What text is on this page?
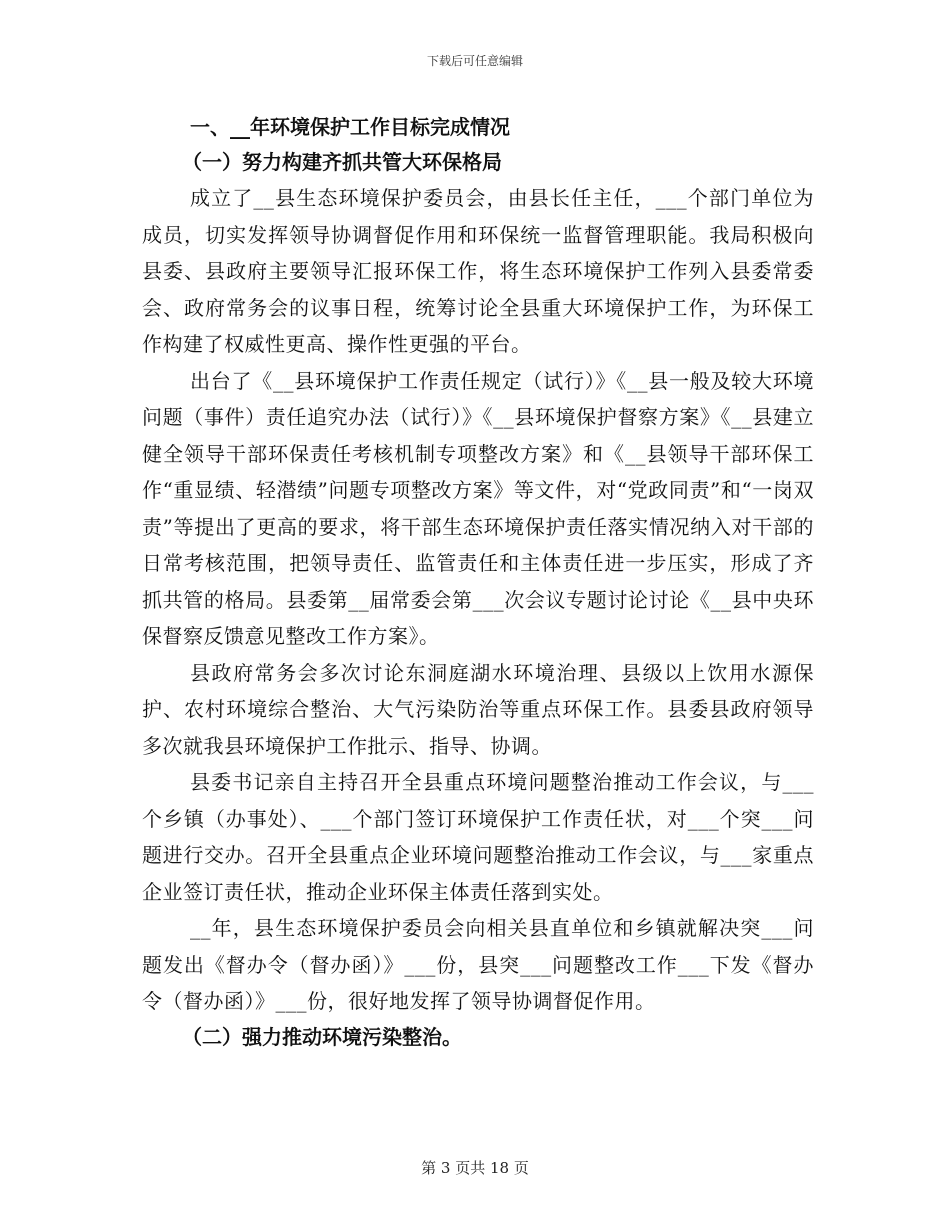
下载后可任意编辑

一、__年环境保护工作目标完成情况

（一）努力构建齐抓共管大环保格局

成立了__县生态环境保护委员会，由县长任主任，___个部门单位为成员，切实发挥领导协调督促作用和环保统一监督管理职能。我局积极向县委、县政府主要领导汇报环保工作，将生态环境保护工作列入县委常委会、政府常务会的议事日程，统筹讨论全县重大环境保护工作，为环保工作构建了权威性更高、操作性更强的平台。

出台了《__县环境保护工作责任规定（试行）》《__县一般及较大环境问题（事件）责任追究办法（试行）》《__县环境保护督察方案》《__县建立健全领导干部环保责任考核机制专项整改方案》和《__县领导干部环保工作“重显绩、轻潜绩”问题专项整改方案》等文件，对“党政同责”和“一岗双责”等提出了更高的要求，将干部生态环境保护责任落实情况纳入对干部的日常考核范围，把领导责任、监管责任和主体责任进一步压实，形成了齐抓共管的格局。县委第__届常委会第___次会议专题讨论讨论《__县中央环保督察反馈意见整改工作方案》。

县政府常务会多次讨论东洞庭湖水环境治理、县级以上饮用水源保护、农村环境综合整治、大气污染防治等重点环保工作。县委县政府领导多次就我县环境保护工作批示、指导、协调。

县委书记亲自主持召开全县重点环境问题整治推动工作会议，与___个乡镇（办事处）、___个部门签订环境保护工作责任状，对___个突___问题进行交办。召开全县重点企业环境问题整治推动工作会议，与___家重点企业签订责任状，推动企业环保主体责任落到实处。

__年，县生态环境保护委员会向相关县直单位和乡镇就解决突___问题发出《督办令（督办函）》___份，县突___问题整改工作___下发《督办令（督办函）》___份，很好地发挥了领导协调督促作用。

（二）强力推动环境污染整治。

第 3 页共 18 页
